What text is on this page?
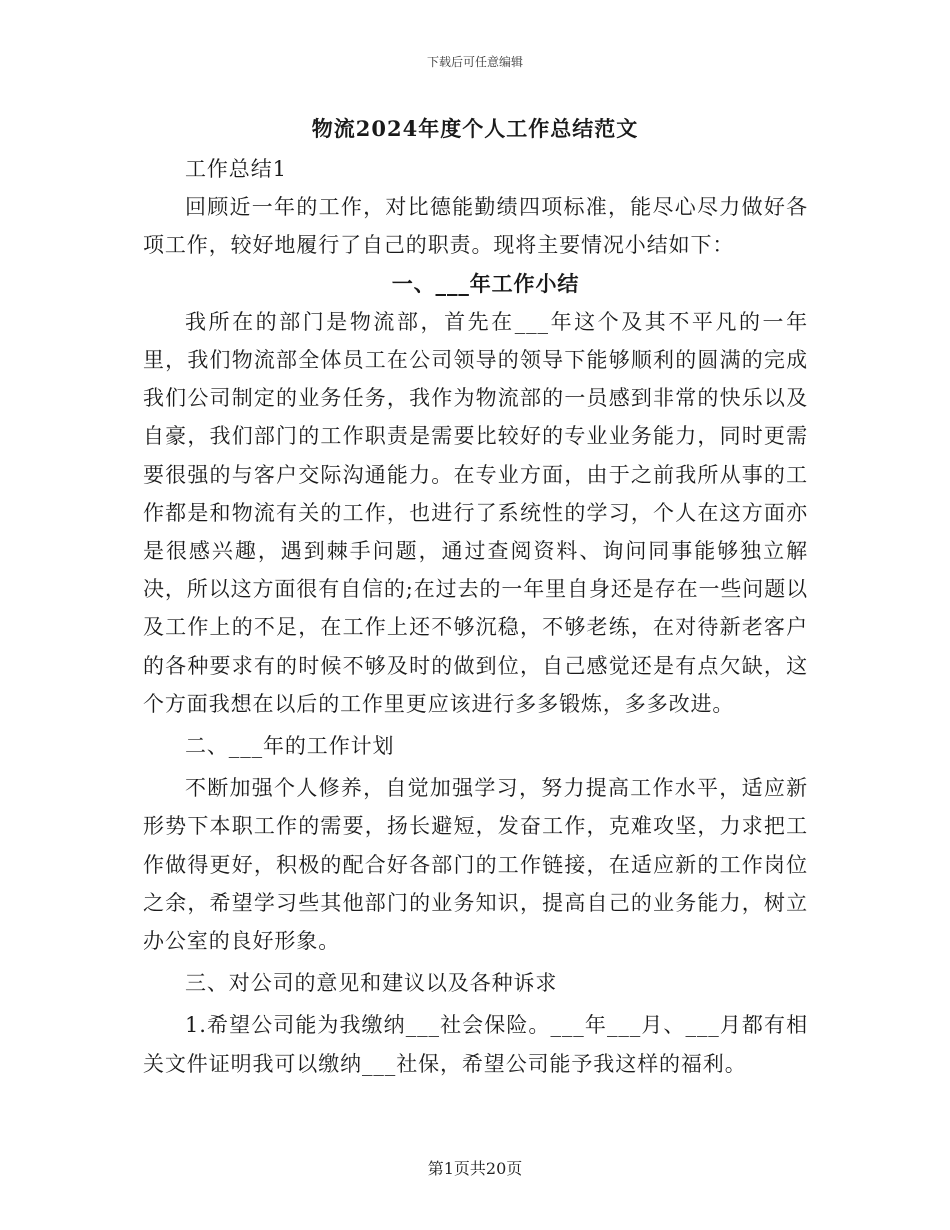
下载后可任意编辑
物流2024年度个人工作总结范文

工作总结1

回顾近一年的工作，对比德能勤绩四项标准，能尽心尽力做好各项工作，较好地履行了自己的职责。现将主要情况小结如下：

一、___年工作小结

我所在的部门是物流部，首先在___年这个及其不平凡的一年里，我们物流部全体员工在公司领导的领导下能够顺利的圆满的完成我们公司制定的业务任务，我作为物流部的一员感到非常的快乐以及自豪，我们部门的工作职责是需要比较好的专业业务能力，同时更需要很强的与客户交际沟通能力。在专业方面，由于之前我所从事的工作都是和物流有关的工作，也进行了系统性的学习，个人在这方面亦是很感兴趣，遇到棘手问题，通过查阅资料、询问同事能够独立解决，所以这方面很有自信的;在过去的一年里自身还是存在一些问题以及工作上的不足，在工作上还不够沉稳，不够老练，在对待新老客户的各种要求有的时候不够及时的做到位，自己感觉还是有点欠缺，这个方面我想在以后的工作里更应该进行多多锻炼，多多改进。

二、___年的工作计划

不断加强个人修养，自觉加强学习，努力提高工作水平，适应新形势下本职工作的需要，扬长避短，发奋工作，克难攻坚，力求把工作做得更好，积极的配合好各部门的工作链接，在适应新的工作岗位之余，希望学习些其他部门的业务知识，提高自己的业务能力，树立办公室的良好形象。

三、对公司的意见和建议以及各种诉求

1.希望公司能为我缴纳___社会保险。___年___月、___月都有相关文件证明我可以缴纳___社保，希望公司能予我这样的福利。

第1页共20页
